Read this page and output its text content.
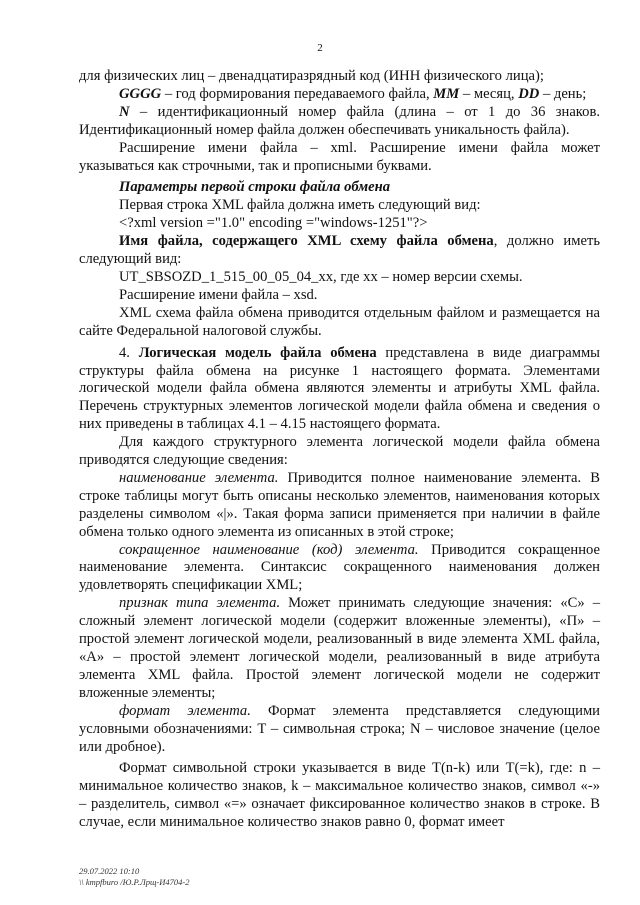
2

для физических лиц – двенадцатиразрядный код (ИНН физического лица);

GGGG – год формирования передаваемого файла, MM – месяц, DD – день;

N – идентификационный номер файла (длина – от 1 до 36 знаков. Идентификационный номер файла должен обеспечивать уникальность файла).

Расширение имени файла – xml. Расширение имени файла может указываться как строчными, так и прописными буквами.

Параметры первой строки файла обмена

Первая строка XML файла должна иметь следующий вид:

<?xml version ="1.0" encoding ="windows-1251"?>

Имя файла, содержащего XML схему файла обмена, должно иметь следующий вид:

UT_SBSOZD_1_515_00_05_04_xx, где хх – номер версии схемы.

Расширение имени файла – xsd.

XML схема файла обмена приводится отдельным файлом и размещается на сайте Федеральной налоговой службы.

4. Логическая модель файла обмена представлена в виде диаграммы структуры файла обмена на рисунке 1 настоящего формата. Элементами логической модели файла обмена являются элементы и атрибуты XML файла. Перечень структурных элементов логической модели файла обмена и сведения о них приведены в таблицах 4.1 – 4.15 настоящего формата.

Для каждого структурного элемента логической модели файла обмена приводятся следующие сведения:

наименование элемента. Приводится полное наименование элемента. В строке таблицы могут быть описаны несколько элементов, наименования которых разделены символом «|». Такая форма записи применяется при наличии в файле обмена только одного элемента из описанных в этой строке;

сокращенное наименование (код) элемента. Приводится сокращенное наименование элемента. Синтаксис сокращенного наименования должен удовлетворять спецификации XML;

признак типа элемента. Может принимать следующие значения: «С» – сложный элемент логической модели (содержит вложенные элементы), «П» – простой элемент логической модели, реализованный в виде элемента XML файла, «А» – простой элемент логической модели, реализованный в виде атрибута элемента XML файла. Простой элемент логической модели не содержит вложенные элементы;

формат элемента. Формат элемента представляется следующими условными обозначениями: T – символьная строка; N – числовое значение (целое или дробное).

Формат символьной строки указывается в виде T(n-k) или T(=k), где: n – минимальное количество знаков, k – максимальное количество знаков, символ «-» – разделитель, символ «=» означает фиксированное количество знаков в строке. В случае, если минимальное количество знаков равно 0, формат имеет

29.07.2022 10:10
\\ kmpfburo /Ю.Р.Лрщ-И4704-2
